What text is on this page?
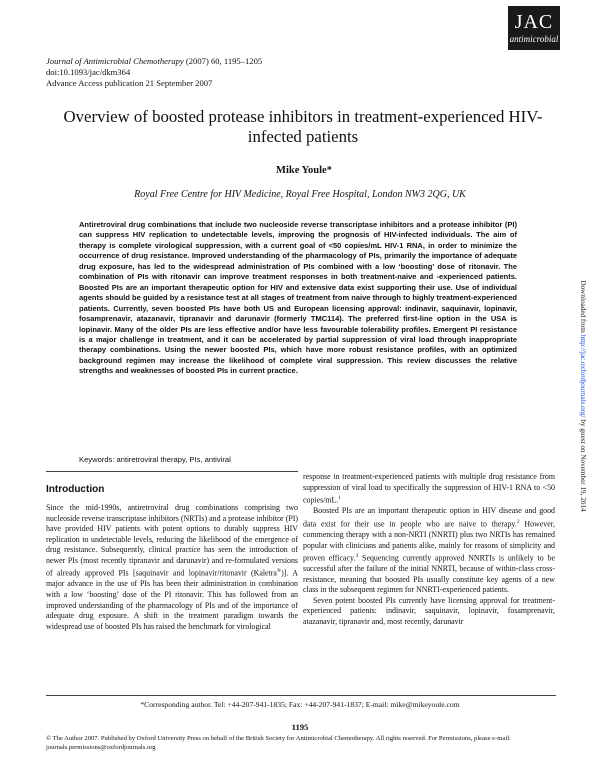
JAC
antimicrobial
Journal of Antimicrobial Chemotherapy (2007) 60, 1195–1205
doi:10.1093/jac/dkm364
Advance Access publication 21 September 2007
Overview of boosted protease inhibitors in treatment-experienced HIV-infected patients
Mike Youle*
Royal Free Centre for HIV Medicine, Royal Free Hospital, London NW3 2QG, UK
Antiretroviral drug combinations that include two nucleoside reverse transcriptase inhibitors and a protease inhibitor (PI) can suppress HIV replication to undetectable levels, improving the prognosis of HIV-infected individuals. The aim of therapy is complete virological suppression, with a current goal of <50 copies/mL HIV-1 RNA, in order to minimize the occurrence of drug resistance. Improved understanding of the pharmacology of PIs, primarily the importance of adequate drug exposure, has led to the widespread administration of PIs combined with a low ‘boosting’ dose of ritonavir. The combination of PIs with ritonavir can improve treatment responses in both treatment-naive and -experienced patients. Boosted PIs are an important therapeutic option for HIV and extensive data exist supporting their use. Use of individual agents should be guided by a resistance test at all stages of treatment from naive through to highly treatment-experienced patients. Currently, seven boosted PIs have both US and European licensing approval: indinavir, saquinavir, lopinavir, fosamprenavir, atazanavir, tipranavir and darunavir (formerly TMC114). The preferred first-line option in the USA is lopinavir. Many of the older PIs are less effective and/or have less favourable tolerability profiles. Emergent PI resistance is a major challenge in treatment, and it can be accelerated by partial suppression of viral load through inappropriate therapy combinations. Using the newer boosted PIs, which have more robust resistance profiles, with an optimized background regimen may increase the likelihood of complete viral suppression. This review discusses the relative strengths and weaknesses of boosted PIs in current practice.
Keywords: antiretroviral therapy, PIs, antiviral
Introduction

Since the mid-1990s, antiretroviral drug combinations comprising two nucleoside reverse transcriptase inhibitors (NRTIs) and a protease inhibitor (PI) have provided HIV patients with potent options to durably suppress HIV replication to undetectable levels, reducing the likelihood of the emergence of drug resistance. Subsequently, clinical practice has seen the introduction of newer PIs (most recently tipranavir and darunavir) and re-formulated versions of already approved PIs [saquinavir and lopinavir/ritonavir (Kaletra®)]. A major advance in the use of PIs has been their administration in combination with a low ‘boosting’ dose of the PI ritonavir. This has followed from an improved understanding of the pharmacology of PIs and of the importance of adequate drug exposure. A shift in the treatment paradigm towards the widespread use of boosted PIs has raised the benchmark for virological

response in treatment-experienced patients with multiple drug resistance from suppression of viral load to specifically the suppression of HIV-1 RNA to <50 copies/mL.$^1$

Boosted PIs are an important therapeutic option in HIV disease and good data exist for their use in people who are naive to therapy.$^2$ However, commencing therapy with a non-NRTI (NNRTI) plus two NRTIs has remained popular with clinicians and patients alike, mainly for reasons of simplicity and proven efficacy.$^3$ Sequencing currently approved NNRTIs is unlikely to be successful after the failure of the initial NNRTI, because of within-class cross-resistance, meaning that boosted PIs usually constitute key agents of a new class in the subsequent regimen for NNRTI-experienced patients.

Seven potent boosted PIs currently have licensing approval for treatment-experienced patients: indinavir, saquinavir, lopinavir, fosamprenavir, atazanavir, tipranavir and, most recently, darunavir

*Corresponding author. Tel: +44-207-941-1835; Fax: +44-207-941-1837; E-mail: mike@mikeyoule.com
1195
© The Author 2007. Published by Oxford University Press on behalf of the British Society for Antimicrobial Chemotherapy. All rights reserved. For Permissions, please e-mail: journals.permissions@oxfordjournals.org
Downloaded from http://jac.oxfordjournals.org/ by guest on November 19, 2014
